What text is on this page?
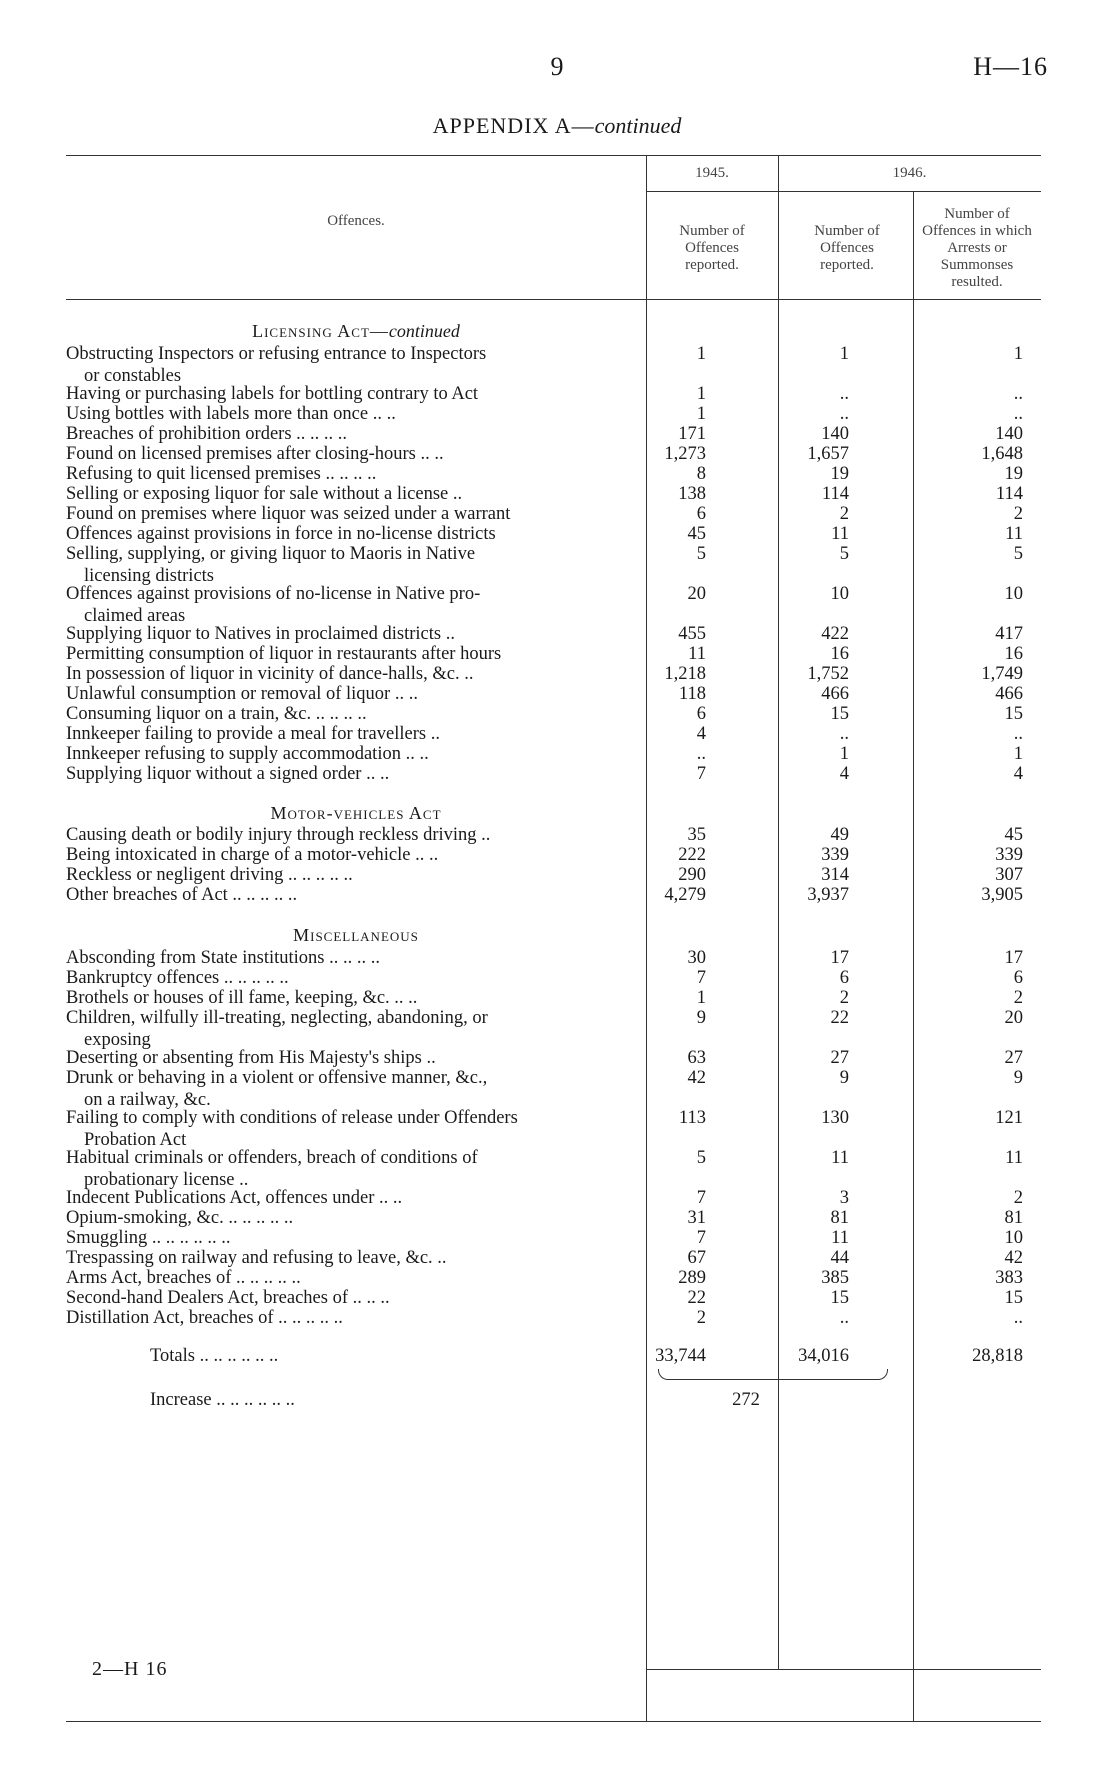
9	H—16
APPENDIX A—continued
Offences.
1945.	1946.
Number of Offences reported.
Number of Offences reported.
Number of Offences in which Arrests or Summonses resulted.
Licensing Act—continued
Obstructing Inspectors or refusing entrance to Inspectors
or constables
1	1	1
Having or purchasing labels for bottling contrary to Act	1	..	..
Using bottles with labels more than once .. ..	1	..	..
Breaches of prohibition orders .. .. .. ..	171	140	140
Found on licensed premises after closing-hours .. ..	1,273	1,657	1,648
Refusing to quit licensed premises .. .. .. ..	8	19	19
Selling or exposing liquor for sale without a license ..	138	114	114
Found on premises where liquor was seized under a warrant	6	2	2
Offences against provisions in force in no-license districts	45	11	11
Selling, supplying, or giving liquor to Maoris in Native
licensing districts
5	5	5
Offences against provisions of no-license in Native pro-
claimed areas
20	10	10
Supplying liquor to Natives in proclaimed districts ..	455	422	417
Permitting consumption of liquor in restaurants after hours	11	16	16
In possession of liquor in vicinity of dance-halls, &c. ..	1,218	1,752	1,749
Unlawful consumption or removal of liquor .. ..	118	466	466
Consuming liquor on a train, &c. .. .. .. ..	6	15	15
Innkeeper failing to provide a meal for travellers ..	4	..	..
Innkeeper refusing to supply accommodation .. ..	..	1	1
Supplying liquor without a signed order .. ..	7	4	4
Motor-vehicles Act
Causing death or bodily injury through reckless driving ..	35	49	45
Being intoxicated in charge of a motor-vehicle .. ..	222	339	339
Reckless or negligent driving .. .. .. .. ..	290	314	307
Other breaches of Act .. .. .. .. ..	4,279	3,937	3,905
Miscellaneous
Absconding from State institutions .. .. .. ..	30	17	17
Bankruptcy offences .. .. .. .. ..	7	6	6
Brothels or houses of ill fame, keeping, &c. .. ..	1	2	2
Children, wilfully ill-treating, neglecting, abandoning, or
exposing
9	22	20
Deserting or absenting from His Majesty's ships ..	63	27	27
Drunk or behaving in a violent or offensive manner, &c.,
on a railway, &c.
42	9	9
Failing to comply with conditions of release under Offenders
Probation Act
113	130	121
Habitual criminals or offenders, breach of conditions of
probationary license ..
5	11	11
Indecent Publications Act, offences under .. ..	7	3	2
Opium-smoking, &c. .. .. .. .. ..	31	81	81
Smuggling .. .. .. .. .. ..	7	11	10
Trespassing on railway and refusing to leave, &c. ..	67	44	42
Arms Act, breaches of .. .. .. .. ..	289	385	383
Second-hand Dealers Act, breaches of .. .. ..	22	15	15
Distillation Act, breaches of .. .. .. .. ..	2	..	..
Totals .. .. .. .. .. ..	33,744	34,016	28,818
Increase .. .. .. .. .. ..	272
2—H 16
